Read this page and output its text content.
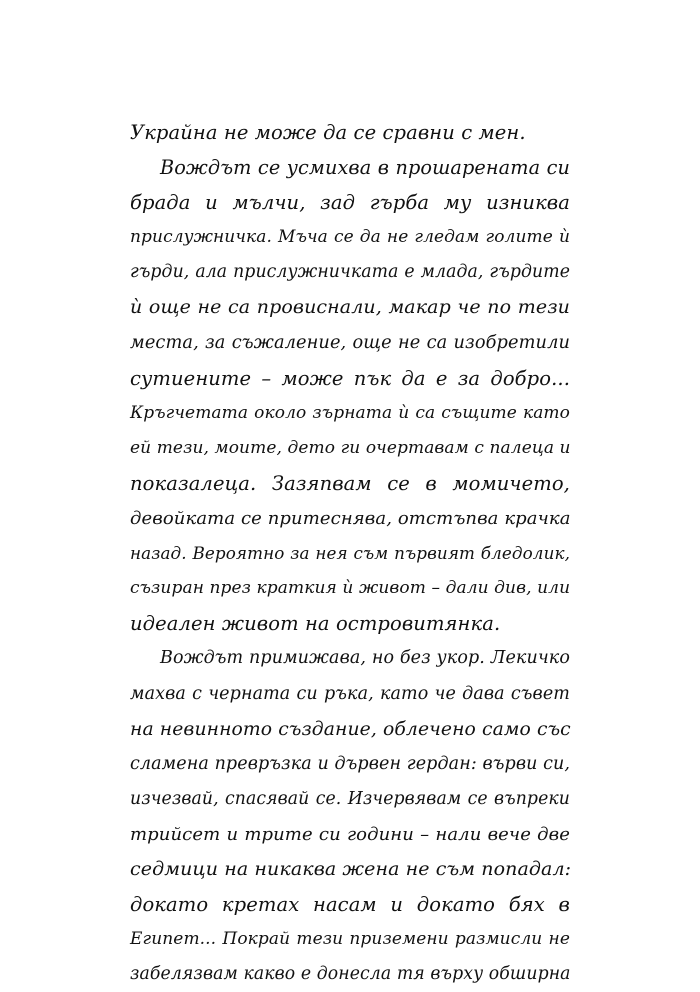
Украйна не може да се сравни с мен.
Вождът се усмихва в прошарената си
брада и мълчи, зад гърба му изниква
прислужничка. Мъча се да не гледам голите ѝ
гърди, ала прислужничката е млада, гърдите
ѝ още не са провиснали, макар че по тези
места, за съжаление, още не са изобретили
сутиените – може пък да е за добро...
Кръгчетата около зърната ѝ са същите като
ей тези, моите, дето ги очертавам с палеца и
показалеца. Зазяпвам се в момичето,
девойката се притеснява, отстъпва крачка
назад. Вероятно за нея съм първият бледолик,
съзиран през краткия ѝ живот – дали див, или
идеален живот на островитянка.
Вождът примижава, но без укор. Лекичко
махва с черната си ръка, като че дава съвет
на невинното създание, облечено само със
сламена превръзка и дървен гердан: върви си,
изчезвай, спасявай се. Изчервявам се въпреки
трийсет и трите си години – нали вече две
седмици на никаква жена не съм попадал:
докато кретах насам и докато бях в
Египет... Покрай тези приземени размисли не
забелязвам какво е донесла тя върху обширна
